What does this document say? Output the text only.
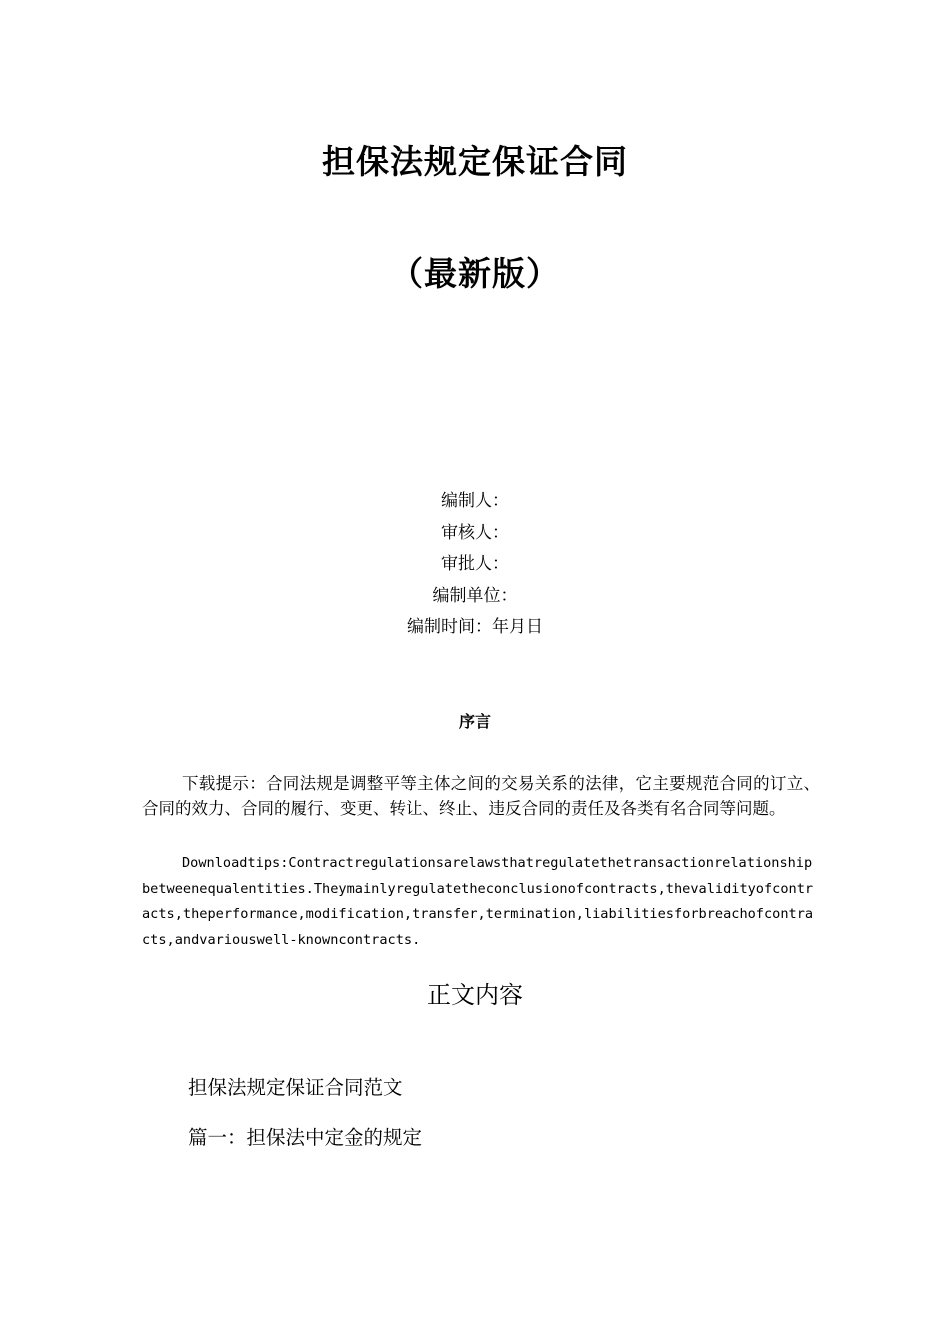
担保法规定保证合同
（最新版）
编制人：
审核人：
审批人：
编制单位：
编制时间：年月日
序言
下载提示：合同法规是调整平等主体之间的交易关系的法律，它主要规范合同的订立、合同的效力、合同的履行、变更、转让、终止、违反合同的责任及各类有名合同等问题。
Downloadtips:Contractregulationsarelawsthatregulatethetransactionrelationshipbetweenequalentities.Theymainlyregulatetheconclusionofcontracts,thevalidityofcontracts,theperformance,modification,transfer,termination,liabilitiesforbreachofcontracts,andvariouswell-knowncontracts.
正文内容
担保法规定保证合同范文
篇一：担保法中定金的规定
